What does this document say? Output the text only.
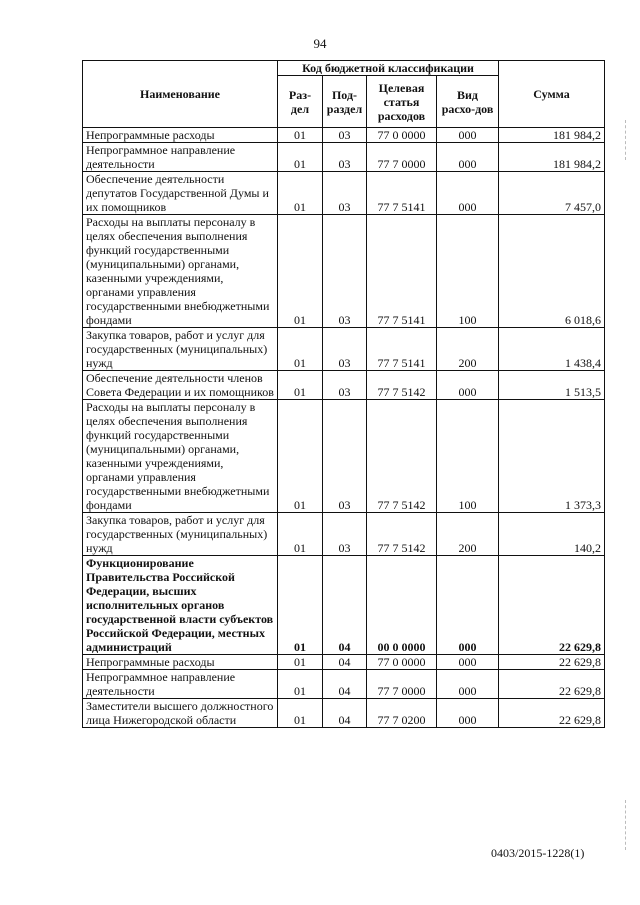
94
Наименование	Код бюджетной классификации				Сумма
	Раз-дел	Под-раздел	Целевая статья расходов	Вид расхо-дов	
Непрограммные расходы	01	03	77 0 0000	000	181 984,2
Непрограммное направление деятельности	01	03	77 7 0000	000	181 984,2
Обеспечение деятельности депутатов Государственной Думы и их помощников	01	03	77 7 5141	000	7 457,0
Расходы на выплаты персоналу в целях обеспечения выполнения функций государственными (муниципальными) органами, казенными учреждениями, органами управления государственными внебюджетными фондами	01	03	77 7 5141	100	6 018,6
Закупка товаров, работ и услуг для государственных (муниципальных) нужд	01	03	77 7 5141	200	1 438,4
Обеспечение деятельности членов Совета Федерации и их помощников	01	03	77 7 5142	000	1 513,5
Расходы на выплаты персоналу в целях обеспечения выполнения функций государственными (муниципальными) органами, казенными учреждениями, органами управления государственными внебюджетными фондами	01	03	77 7 5142	100	1 373,3
Закупка товаров, работ и услуг для государственных (муниципальных) нужд	01	03	77 7 5142	200	140,2
Функционирование Правительства Российской Федерации, высших исполнительных органов государственной власти субъектов Российской Федерации, местных администраций	01	04	00 0 0000	000	22 629,8
Непрограммные расходы	01	04	77 0 0000	000	22 629,8
Непрограммное направление деятельности	01	04	77 7 0000	000	22 629,8
Заместители высшего должностного лица Нижегородской области	01	04	77 7 0200	000	22 629,8
0403/2015-1228(1)
